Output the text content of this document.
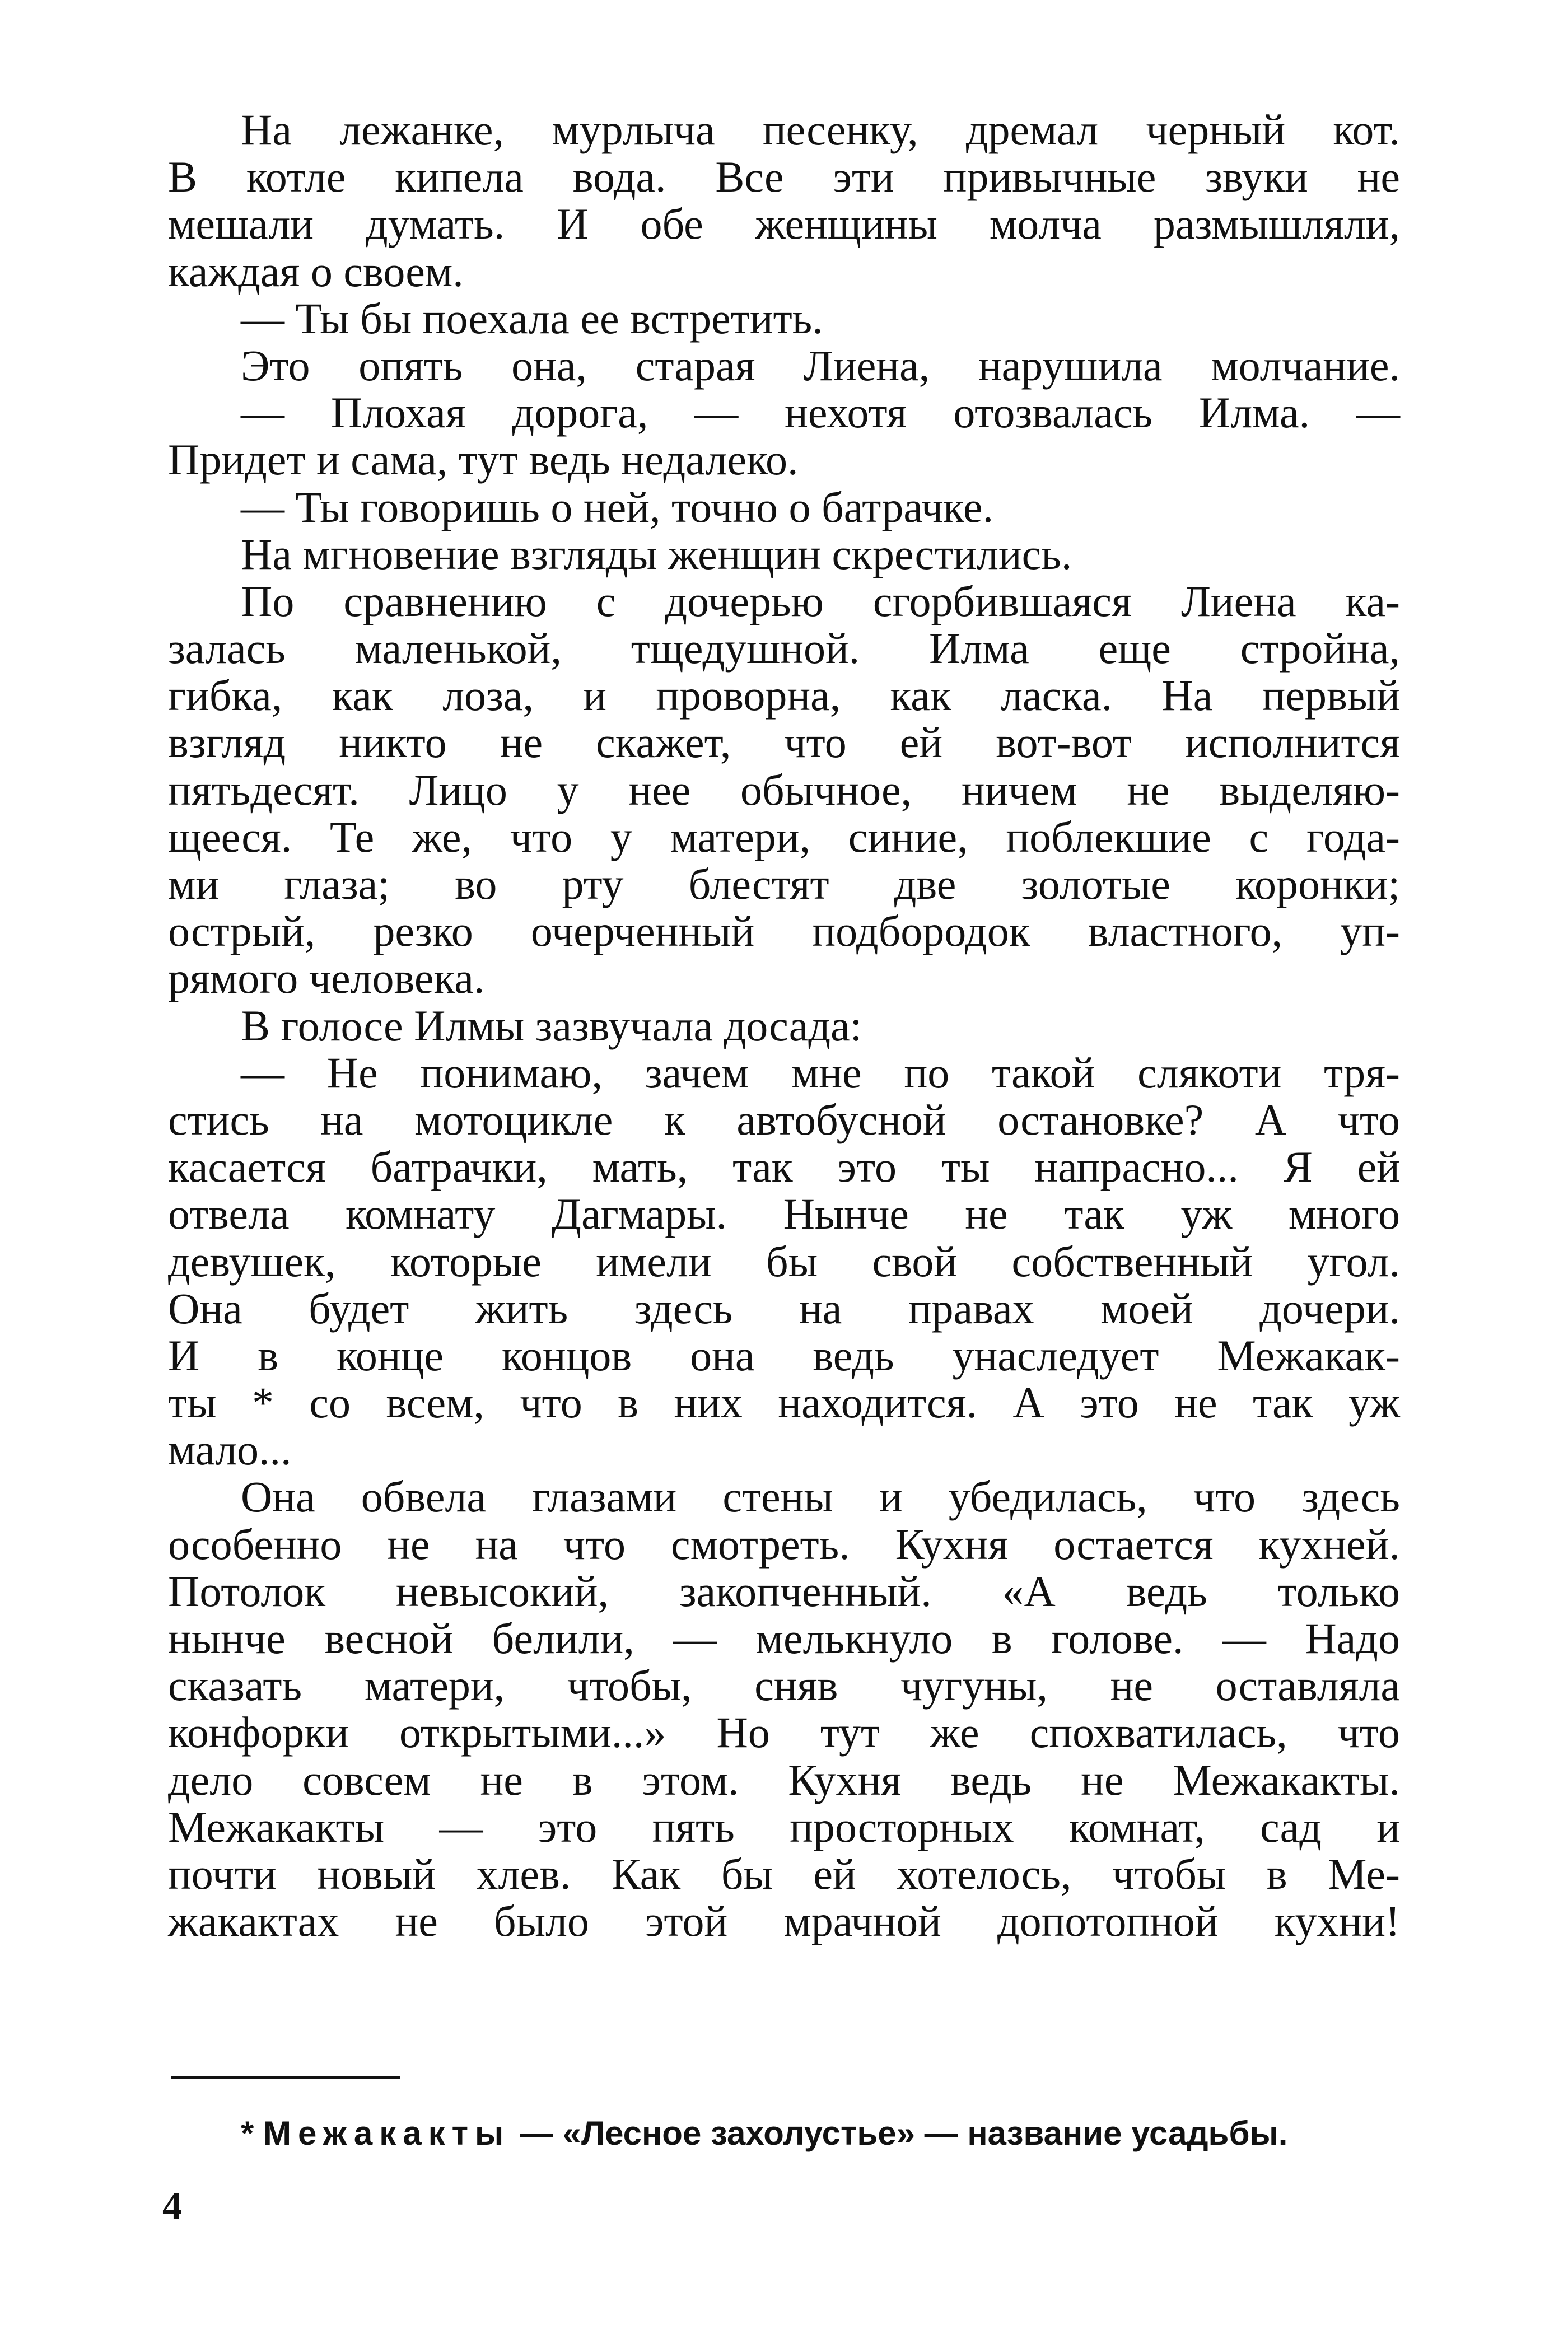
На лежанке, мурлыча песенку, дремал черный кот.
В котле кипела вода. Все эти привычные звуки не
мешали думать. И обе женщины молча размышляли,
каждая о своем.
— Ты бы поехала ее встретить.
Это опять она, старая Лиена, нарушила молчание.
— Плохая дорога, — нехотя отозвалась Илма. —
Придет и сама, тут ведь недалеко.
— Ты говоришь о ней, точно о батрачке.
На мгновение взгляды женщин скрестились.
По сравнению с дочерью сгорбившаяся Лиена ка-
залась маленькой, тщедушной. Илма еще стройна,
гибка, как лоза, и проворна, как ласка. На первый
взгляд никто не скажет, что ей вот-вот исполнится
пятьдесят. Лицо у нее обычное, ничем не выделяю-
щееся. Те же, что у матери, синие, поблекшие с года-
ми глаза; во рту блестят две золотые коронки;
острый, резко очерченный подбородок властного, уп-
рямого человека.
В голосе Илмы зазвучала досада:
— Не понимаю, зачем мне по такой слякоти тря-
стись на мотоцикле к автобусной остановке? А что
касается батрачки, мать, так это ты напрасно... Я ей
отвела комнату Дагмары. Нынче не так уж много
девушек, которые имели бы свой собственный угол.
Она будет жить здесь на правах моей дочери.
И в конце концов она ведь унаследует Межакак-
ты * со всем, что в них находится. А это не так уж
мало...
Она обвела глазами стены и убедилась, что здесь
особенно не на что смотреть. Кухня остается кухней.
Потолок невысокий, закопченный. «А ведь только
нынче весной белили, — мелькнуло в голове. — Надо
сказать матери, чтобы, сняв чугуны, не оставляла
конфорки открытыми...» Но тут же спохватилась, что
дело совсем не в этом. Кухня ведь не Межакакты.
Межакакты — это пять просторных комнат, сад и
почти новый хлев. Как бы ей хотелось, чтобы в Ме-
жакактах не было этой мрачной допотопной кухни!
* Межакакты — «Лесное захолустье» — название усадьбы.
4
